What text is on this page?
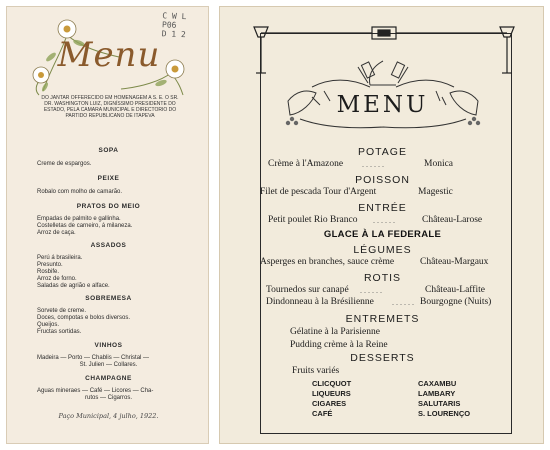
C W L
P06
D 1 2
Menu
DO JANTAR OFFERECIDO EM HOMENAGEM A S. E. O SR. DR. WASHINGTON LUIZ, DIGNÍSSIMO PRESIDENTE DO ESTADO, PELA CAMARA MUNICIPAL E DIRECTORIO DO PARTIDO REPUBLICANO DE ITAPEVA
SOPA
Creme de espargos.
PEIXE
Robalo com molho de camarão.
PRATOS DO MEIO
Empadas de palmito e gallinha.
Costelletas de carneiro, á milaneza.
Arroz de caça.
ASSADOS
Perú á brasileira.
Presunto.
Rosbife.
Arroz de forno.
Saladas de agrião e alface.
SOBREMESA
Sorvete de creme.
Doces, compotas e bolos diversos.
Queijos.
Fructas sortidas.
VINHOS
Madeira — Porto — Chablis — Christal —
St. Julien — Collares.
CHAMPAGNE
Aguas mineraes — Café — Licores — Cha-
rutos — Cigarros.
Paço Municipal, 4 julho, 1922.
MENU
POTAGE
Crème à l'Amazone . . . . . .	Monica
POISSON
Filet de pescada Tour d'Argent	Magestic
ENTRÉE
Petit poulet Rio Branco . . . . . .	Château-Larose
GLACE À LA FEDERALE
LÉGUMES
Asperges en branches, sauce crème	Château-Margaux
ROTIS
Tournedos sur canapé . . . . . .	Château-Laffite
Dindonneau à la Brésilienne . . . . . . Bourgogne (Nuits)
ENTREMETS
Gélatine à la Parisienne
Pudding crème à la Reine
DESSERTS
Fruits variés
CLICQUOT
LIQUEURS
CIGARES
CAFÉ
CAXAMBU
LAMBARY
SALUTARIS
S. LOURENÇO
